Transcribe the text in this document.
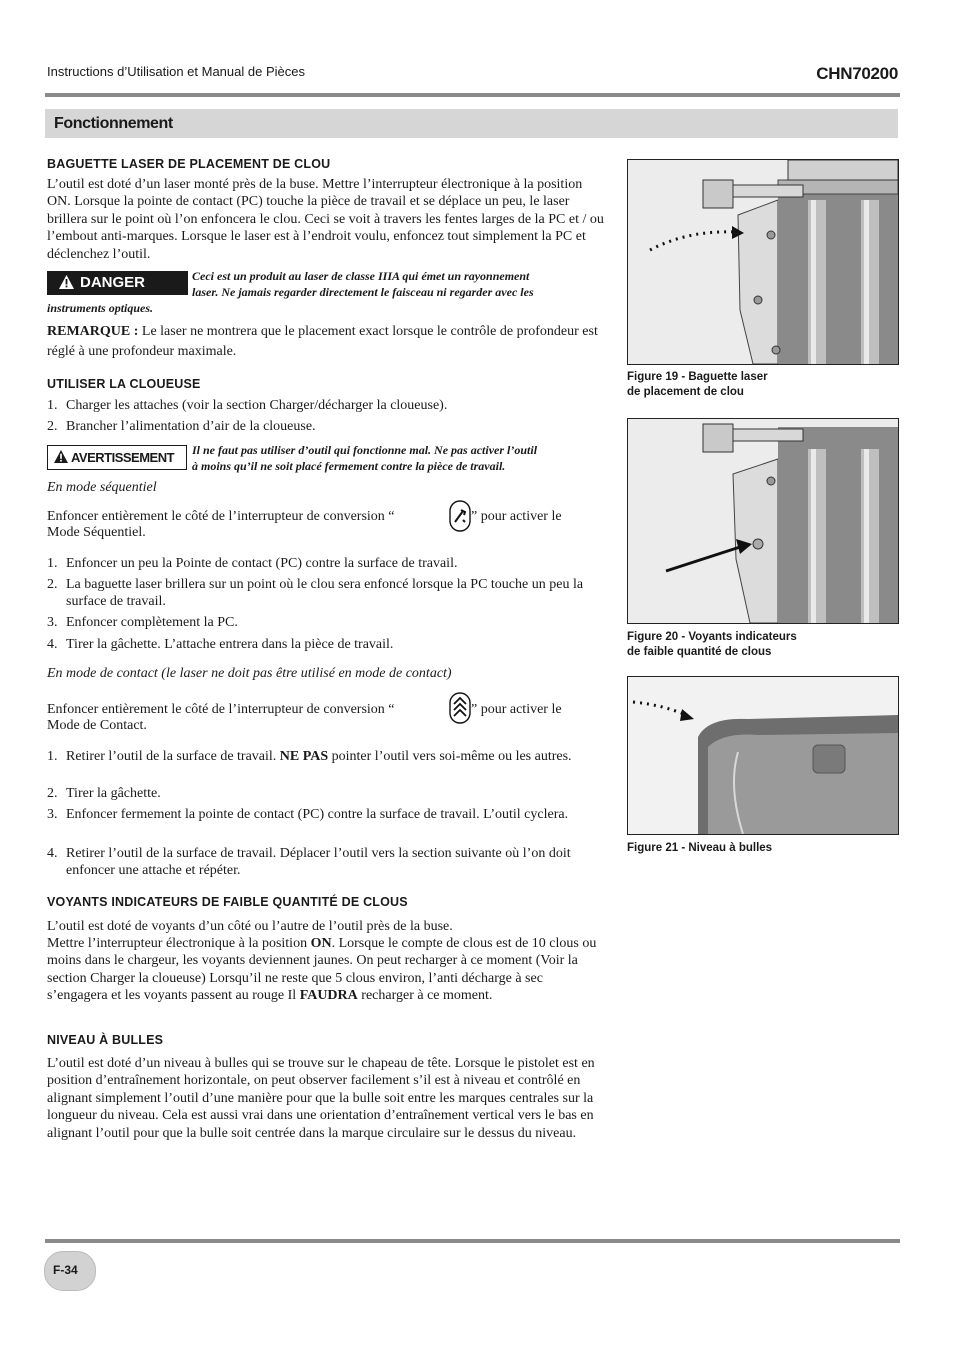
Instructions d’Utilisation et Manual de Pièces	CHN70200
Fonctionnement
BAGUETTE LASER DE PLACEMENT DE CLOU

L’outil est doté d’un laser monté près de la buse. Mettre l’interrupteur électronique à la position ON. Lorsque la pointe de contact (PC) touche la pièce de travail et se déplace un peu, le laser brillera sur le point où l’on enfoncera le clou. Ceci se voit à travers les fentes larges de la PC et / ou l’embout anti-marques. Lorsque le laser est à l’endroit voulu, enfoncez tout simplement la PC et déclenchez l’outil.

DANGER	Ceci est un produit au laser de classe IIIA qui émet un rayonnement
laser. Ne jamais regarder directement le faisceau ni regarder avec les
instruments optiques.

REMARQUE : Le laser ne montrera que le placement exact lorsque le contrôle de profondeur est réglé à une profondeur maximale.

UTILISER LA CLOUEUSE
1. Charger les attaches (voir la section Charger/décharger la cloueuse).
2. Brancher l’alimentation d’air de la cloueuse.
AVERTISSEMENT Il ne faut pas utiliser d’outil qui fonctionne mal. Ne pas activer l’outil
à moins qu’il ne soit placé fermement contre la pièce de travail.

En mode séquentiel

Enfoncer entièrement le côté de l’interrupteur de conversion “	” pour activer le
Mode Séquentiel.
1. Enfoncer un peu la Pointe de contact (PC) contre la surface de travail.
2. La baguette laser brillera sur un point où le clou sera enfoncé lorsque la PC touche un peu la surface de travail.
3. Enfoncer complètement la PC.
4. Tirer la gâchette. L’attache entrera dans la pièce de travail.

En mode de contact (le laser ne doit pas être utilisé en mode de contact)

Enfoncer entièrement le côté de l’interrupteur de conversion “	” pour activer le
Mode de Contact.
1. Retirer l’outil de la surface de travail. NE PAS pointer l’outil vers soi-même ou les autres.
2. Tirer la gâchette.
3. Enfoncer fermement la pointe de contact (PC) contre la surface de travail. L’outil cyclera.
4. Retirer l’outil de la surface de travail. Déplacer l’outil vers la section suivante où l’on doit enfoncer une attache et répéter.
VOYANTS INDICATEURS DE FAIBLE QUANTITÉ DE CLOUS

L’outil est doté de voyants d’un côté ou l’autre de l’outil près de la buse.
Mettre l’interrupteur électronique à la position ON. Lorsque le compte de clous est de 10 clous ou moins dans le chargeur, les voyants deviennent jaunes. On peut recharger à ce moment (Voir la section Charger la cloueuse) Lorsqu’il ne reste que 5 clous environ, l’anti décharge à sec s’engagera et les voyants passent au rouge Il FAUDRA recharger à ce moment.

NIVEAU À BULLES

L’outil est doté d’un niveau à bulles qui se trouve sur le chapeau de tête. Lorsque le pistolet est en position d’entraînement horizontale, on peut observer facilement s’il est à niveau et contrôlé en alignant simplement l’outil d’une manière pour que la bulle soit entre les marques centrales sur la longueur du niveau. Cela est aussi vrai dans une orientation d’entraînement vertical vers le bas en alignant l’outil pour que la bulle soit centrée dans la marque circulaire sur le dessus du niveau.

Figure 19 - Baguette laser
de placement de clou
Figure 20 - Voyants indicateurs
de faible quantité de clous
Figure 21 - Niveau à bulles
F-34
